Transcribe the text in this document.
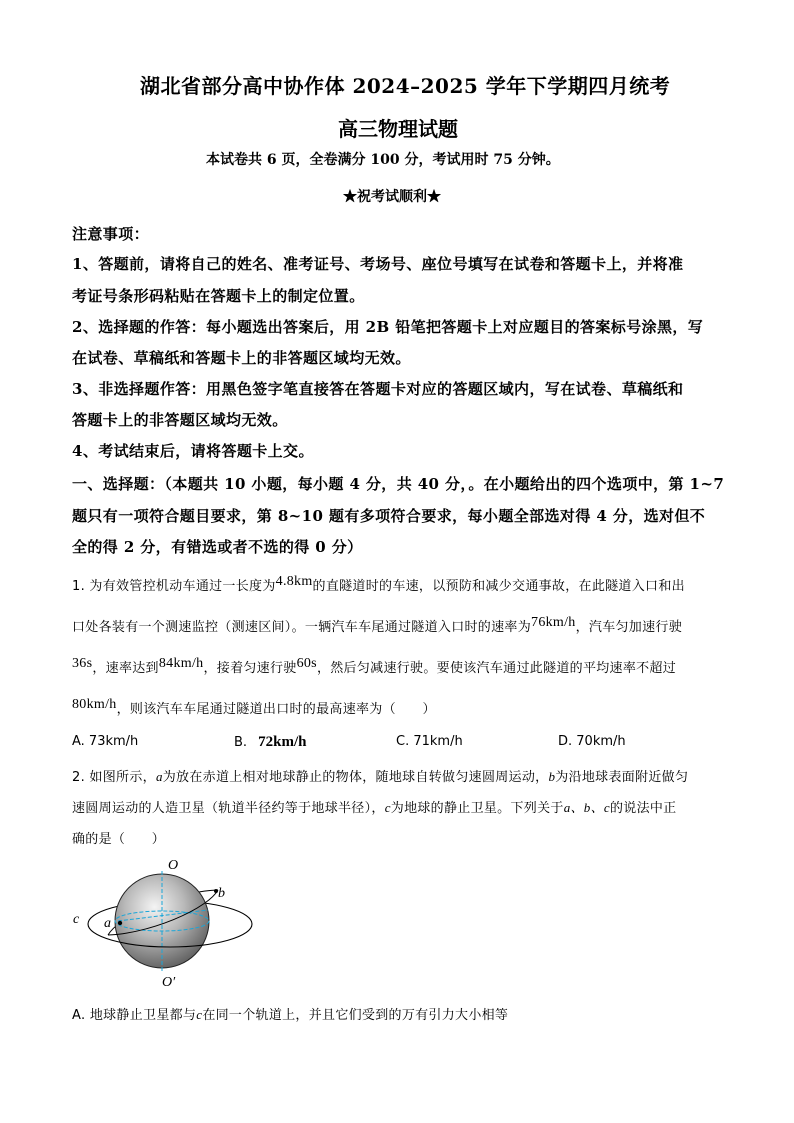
湖北省部分高中协作体 2024–2025 学年下学期四月统考
高三物理试题
本试卷共 6 页，全卷满分 100 分，考试用时 75 分钟。
★祝考试顺利★
注意事项：
1、答题前，请将自己的姓名、准考证号、考场号、座位号填写在试卷和答题卡上，并将准
考证号条形码粘贴在答题卡上的制定位置。
2、选择题的作答：每小题选出答案后，用 2B 铅笔把答题卡上对应题目的答案标号涂黑，写
在试卷、草稿纸和答题卡上的非答题区域均无效。
3、非选择题作答：用黑色签字笔直接答在答题卡对应的答题区域内，写在试卷、草稿纸和
答题卡上的非答题区域均无效。
4、考试结束后，请将答题卡上交。
一、选择题：（本题共 10 小题，每小题 4 分，共 40 分，。在小题给出的四个选项中，第 1~7
题只有一项符合题目要求，第 8~10 题有多项符合要求，每小题全部选对得 4 分，选对但不
全的得 2 分，有错选或者不选的得 0 分）
1. 为有效管控机动车通过一长度为4.8km的直隧道时的车速，以预防和减少交通事故，在此隧道入口和出
口处各装有一个测速监控（测速区间）。一辆汽车车尾通过隧道入口时的速率为76km/h，汽车匀加速行驶
36s，速率达到84km/h，接着匀速行驶60s，然后匀减速行驶。要使该汽车通过此隧道的平均速率不超过
80km/h，则该汽车车尾通过隧道出口时的最高速率为（　　）
A. 73km/h	B. 72km/h	C. 71km/h	D. 70km/h
2. 如图所示，a为放在赤道上相对地球静止的物体，随地球自转做匀速圆周运动，b为沿地球表面附近做匀
速圆周运动的人造卫星（轨道半径约等于地球半径），c为地球的静止卫星。下列关于a、b、c的说法中正
确的是（　　）
O
O′
a
b
c
A. 地球静止卫星都与c在同一个轨道上，并且它们受到的万有引力大小相等
